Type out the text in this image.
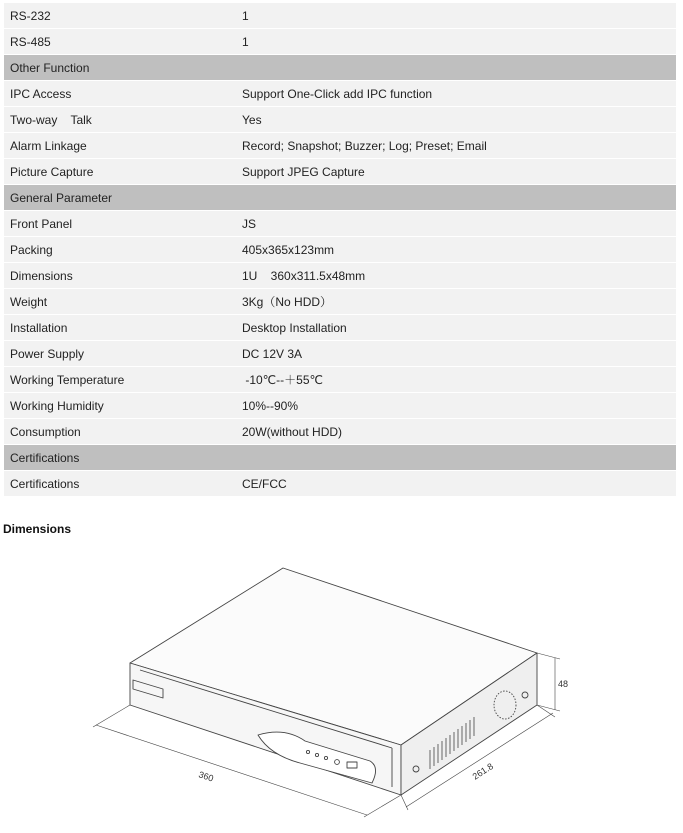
RS-232	1
RS-485	1
Other Function
IPC Access	Support One-Click add IPC function
Two-way    Talk	Yes
Alarm Linkage	Record; Snapshot; Buzzer; Log; Preset; Email
Picture Capture	Support JPEG Capture
General Parameter
Front Panel	JS
Packing	405x365x123mm
Dimensions	1U    360x311.5x48mm
Weight	3Kg（No HDD）
Installation	Desktop Installation
Power Supply	DC 12V 3A
Working Temperature	-10℃--＋55℃
Working Humidity	10%--90%
Consumption	20W(without HDD)
Certifications
Certifications	CE/FCC
Dimensions
360	261.8
48
